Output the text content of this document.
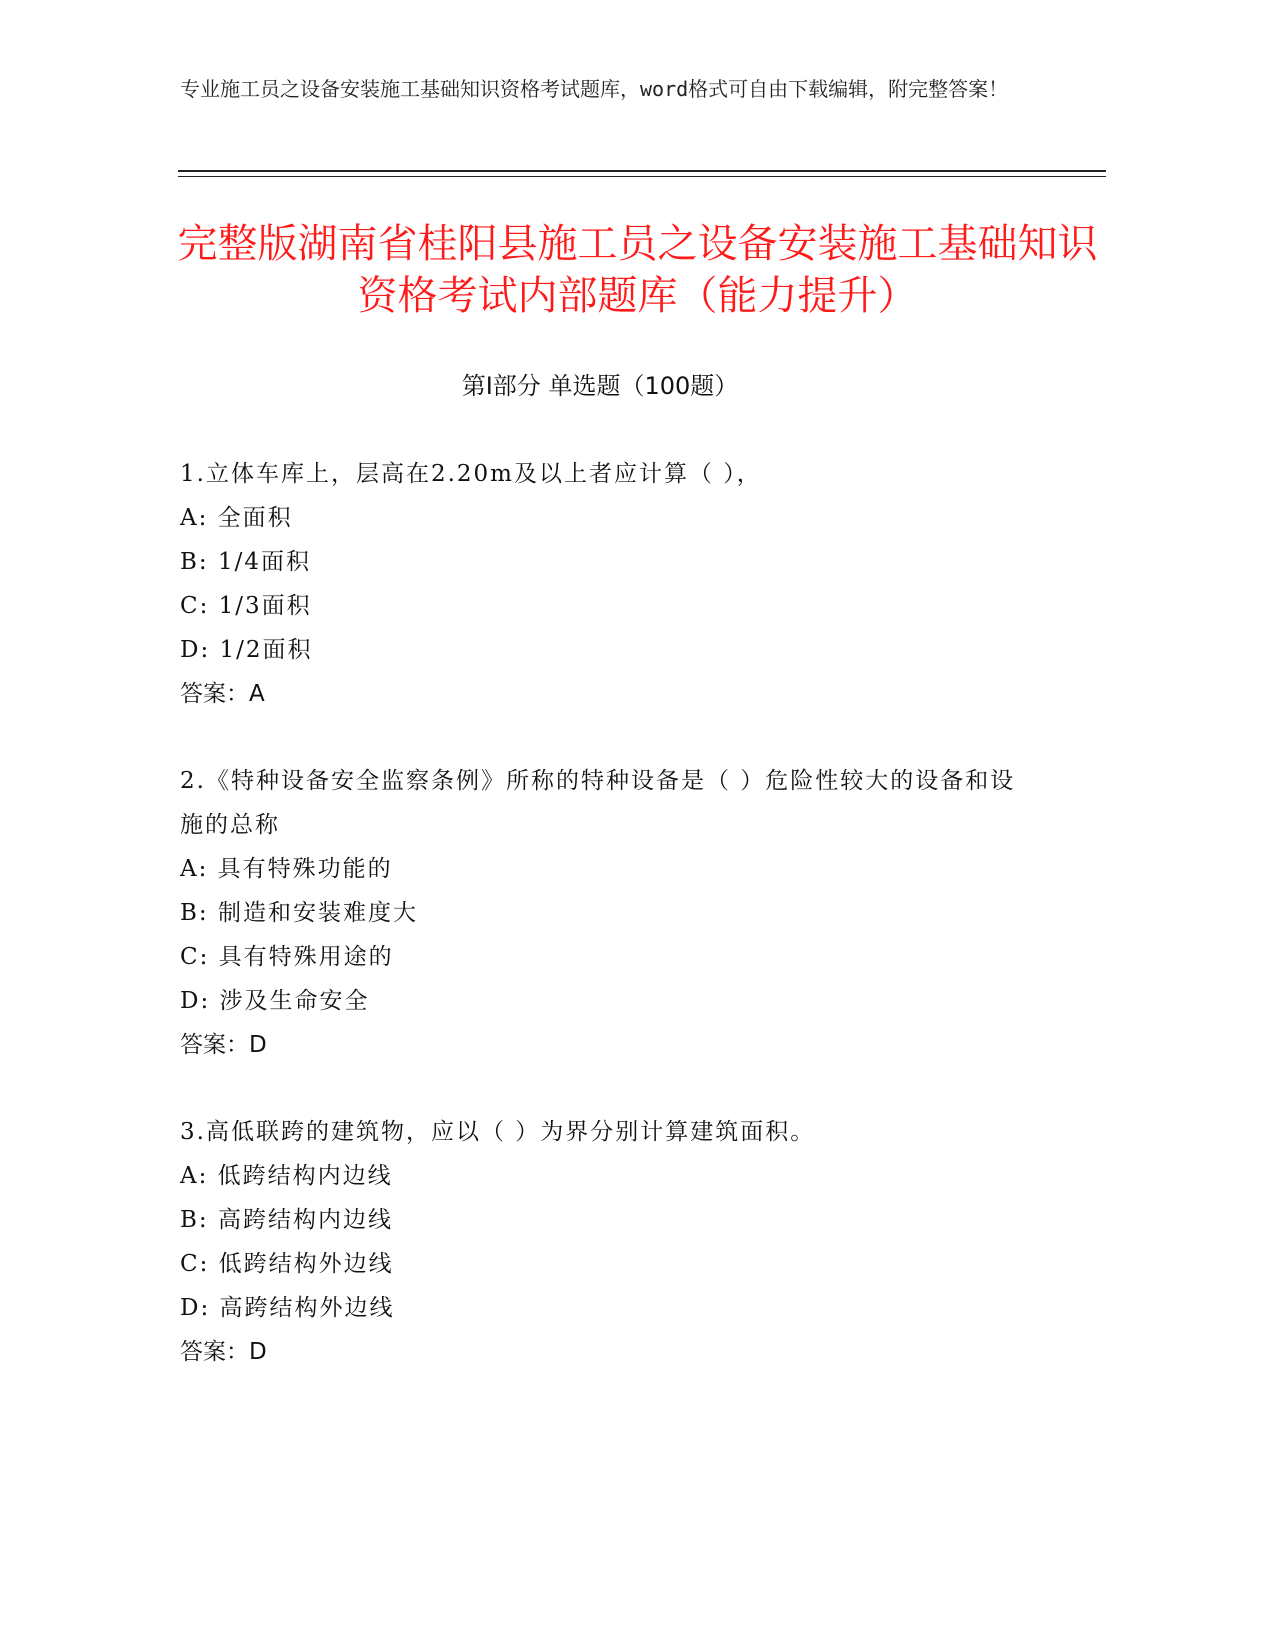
专业施工员之设备安装施工基础知识资格考试题库，word格式可自由下载编辑，附完整答案！
完整版湖南省桂阳县施工员之设备安装施工基础知识资格考试内部题库（能力提升）
第I部分 单选题（100题）
1.立体车库上，层高在2.20m及以上者应计算（ ），
A: 全面积
B: 1/4面积
C: 1/3面积
D: 1/2面积
答案：A
2.《特种设备安全监察条例》所称的特种设备是（ ）危险性较大的设备和设施的总称
A: 具有特殊功能的
B: 制造和安装难度大
C: 具有特殊用途的
D: 涉及生命安全
答案：D
3.高低联跨的建筑物，应以（ ）为界分别计算建筑面积。
A: 低跨结构内边线
B: 高跨结构内边线
C: 低跨结构外边线
D: 高跨结构外边线
答案：D
